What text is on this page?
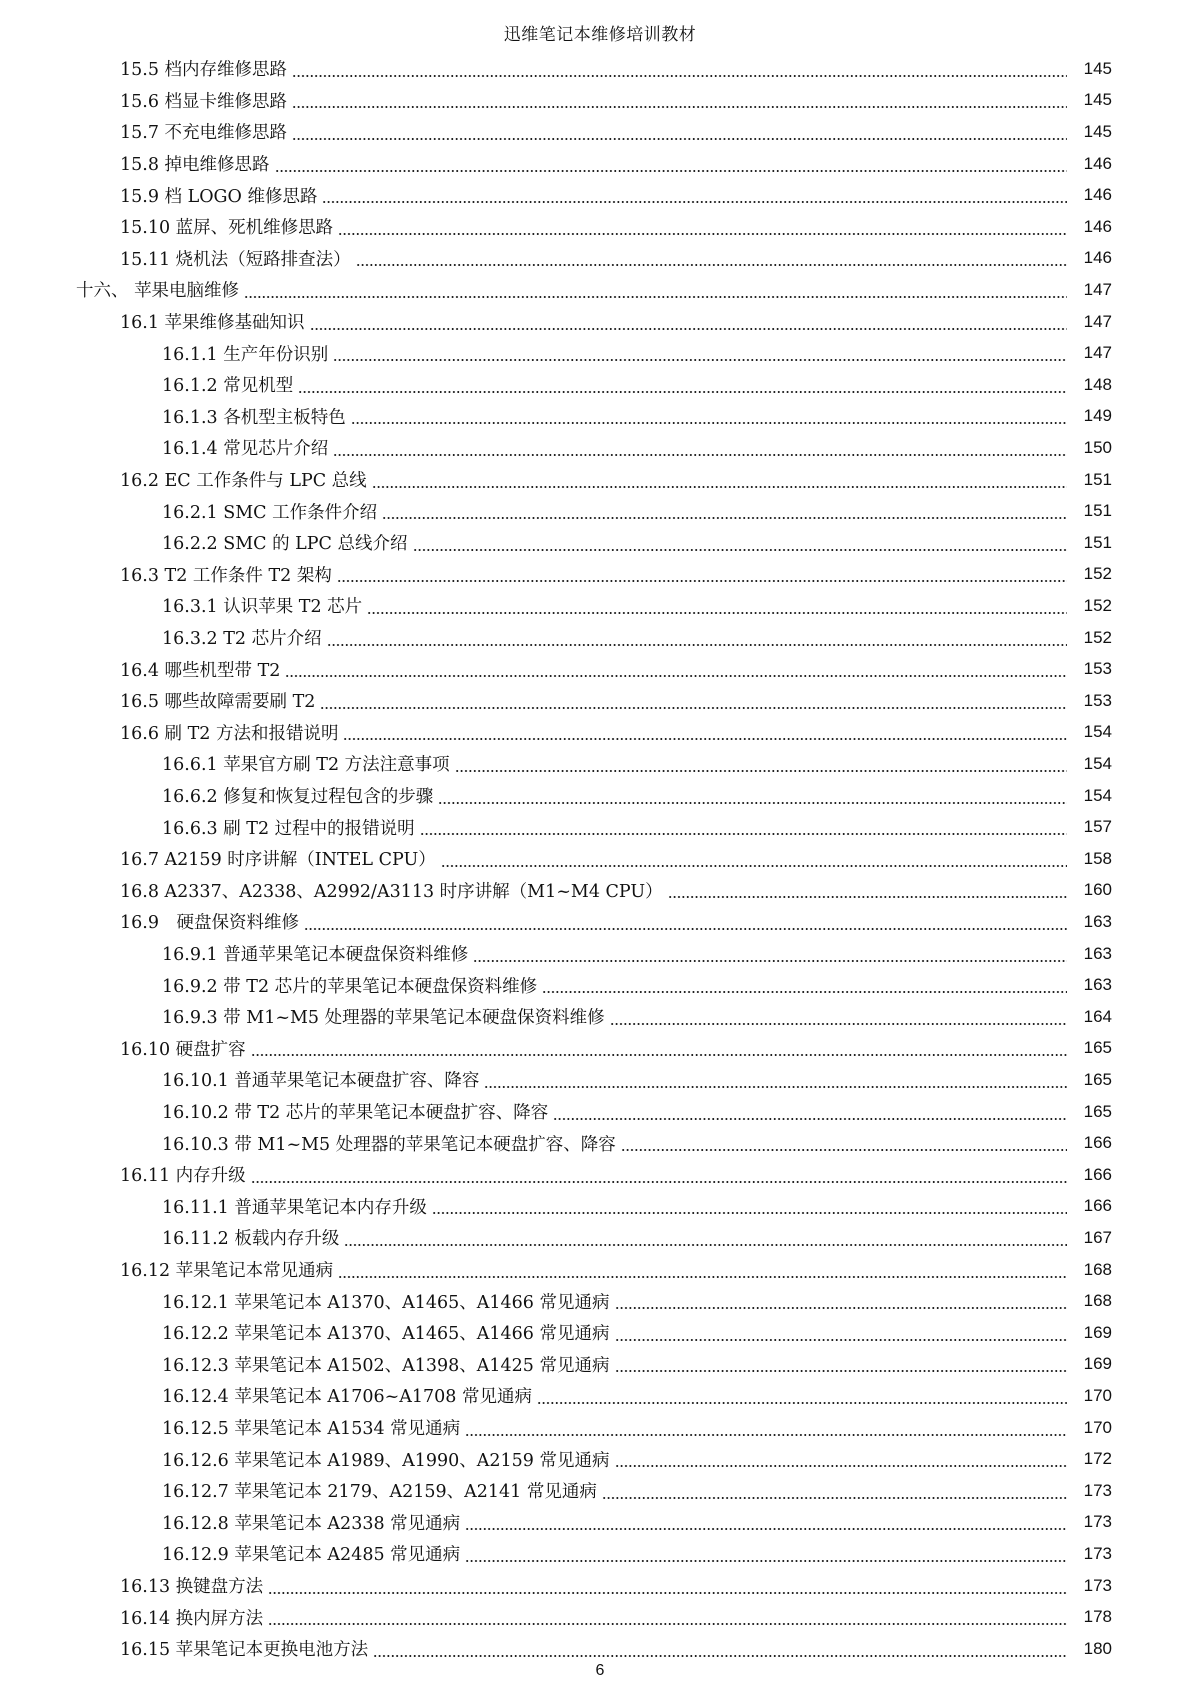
迅维笔记本维修培训教材
15.5 档内存维修思路	145
15.6 档显卡维修思路	145
15.7 不充电维修思路	145
15.8 掉电维修思路	146
15.9 档 LOGO 维修思路	146
15.10 蓝屏、死机维修思路	146
15.11 烧机法（短路排查法）	146
十六、 苹果电脑维修	147
16.1 苹果维修基础知识	147
16.1.1 生产年份识别	147
16.1.2 常见机型	148
16.1.3 各机型主板特色	149
16.1.4 常见芯片介绍	150
16.2 EC 工作条件与 LPC 总线	151
16.2.1 SMC 工作条件介绍	151
16.2.2 SMC 的 LPC 总线介绍	151
16.3 T2 工作条件 T2 架构	152
16.3.1 认识苹果 T2 芯片	152
16.3.2 T2 芯片介绍	152
16.4 哪些机型带 T2	153
16.5 哪些故障需要刷 T2	153
16.6 刷 T2 方法和报错说明	154
16.6.1 苹果官方刷 T2 方法注意事项	154
16.6.2 修复和恢复过程包含的步骤	154
16.6.3 刷 T2 过程中的报错说明	157
16.7 A2159 时序讲解（INTEL CPU）	158
16.8 A2337、A2338、A2992/A3113 时序讲解（M1~M4 CPU）	160
16.9　硬盘保资料维修	163
16.9.1 普通苹果笔记本硬盘保资料维修	163
16.9.2 带 T2 芯片的苹果笔记本硬盘保资料维修	163
16.9.3 带 M1~M5 处理器的苹果笔记本硬盘保资料维修	164
16.10 硬盘扩容	165
16.10.1 普通苹果笔记本硬盘扩容、降容	165
16.10.2 带 T2 芯片的苹果笔记本硬盘扩容、降容	165
16.10.3 带 M1~M5 处理器的苹果笔记本硬盘扩容、降容	166
16.11 内存升级	166
16.11.1 普通苹果笔记本内存升级	166
16.11.2 板载内存升级	167
16.12 苹果笔记本常见通病	168
16.12.1 苹果笔记本 A1370、A1465、A1466 常见通病	168
16.12.2 苹果笔记本 A1370、A1465、A1466 常见通病	169
16.12.3 苹果笔记本 A1502、A1398、A1425 常见通病	169
16.12.4 苹果笔记本 A1706~A1708 常见通病	170
16.12.5 苹果笔记本 A1534 常见通病	170
16.12.6 苹果笔记本 A1989、A1990、A2159 常见通病	172
16.12.7 苹果笔记本 2179、A2159、A2141 常见通病	173
16.12.8 苹果笔记本 A2338 常见通病	173
16.12.9 苹果笔记本 A2485 常见通病	173
16.13 换键盘方法	173
16.14 换内屏方法	178
16.15 苹果笔记本更换电池方法	180
6
